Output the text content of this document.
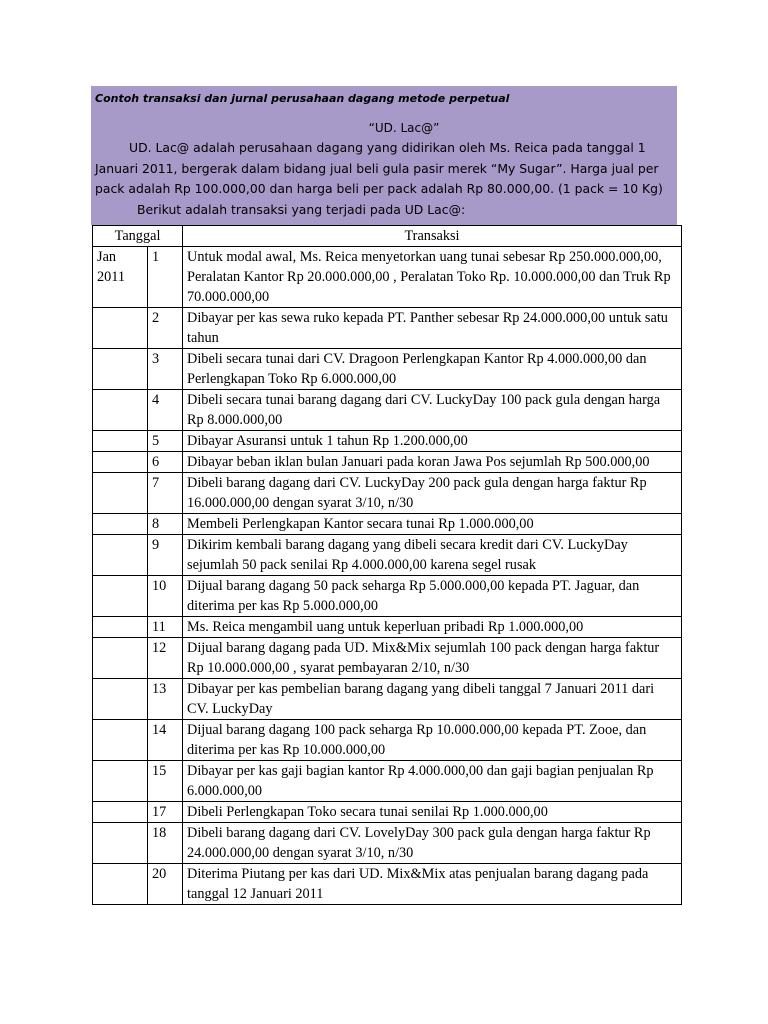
Contoh transaksi dan jurnal perusahaan dagang metode perpetual

“UD. Lac@”

UD. Lac@ adalah perusahaan dagang yang didirikan oleh Ms. Reica pada tanggal 1 Januari 2011, bergerak dalam bidang jual beli gula pasir merek “My Sugar”. Harga jual per pack adalah Rp 100.000,00 dan harga beli per pack adalah Rp 80.000,00. (1 pack = 10 Kg)

Berikut adalah transaksi yang terjadi pada UD Lac@:

Tanggal		Transaksi
Jan 2011	1	Untuk modal awal, Ms. Reica menyetorkan uang tunai sebesar Rp 250.000.000,00, Peralatan Kantor Rp 20.000.000,00 , Peralatan Toko Rp. 10.000.000,00 dan Truk Rp 70.000.000,00
	2	Dibayar per kas sewa ruko kepada PT. Panther sebesar Rp 24.000.000,00 untuk satu tahun
	3	Dibeli secara tunai dari CV. Dragoon Perlengkapan Kantor Rp 4.000.000,00 dan Perlengkapan Toko Rp 6.000.000,00
	4	Dibeli secara tunai barang dagang dari CV. LuckyDay 100 pack gula dengan harga Rp 8.000.000,00
	5	Dibayar Asuransi untuk 1 tahun Rp 1.200.000,00
	6	Dibayar beban iklan bulan Januari pada koran Jawa Pos sejumlah Rp 500.000,00
	7	Dibeli barang dagang dari CV. LuckyDay 200 pack gula dengan harga faktur Rp 16.000.000,00 dengan syarat 3/10, n/30
	8	Membeli Perlengkapan Kantor secara tunai Rp 1.000.000,00
	9	Dikirim kembali barang dagang yang dibeli secara kredit dari CV. LuckyDay sejumlah 50 pack senilai Rp 4.000.000,00 karena segel rusak
	10	Dijual barang dagang 50 pack seharga Rp 5.000.000,00 kepada PT. Jaguar, dan diterima per kas Rp 5.000.000,00
	11	Ms. Reica mengambil uang untuk keperluan pribadi Rp 1.000.000,00
	12	Dijual barang dagang pada UD. Mix&Mix sejumlah 100 pack dengan harga faktur Rp 10.000.000,00 , syarat pembayaran 2/10, n/30
	13	Dibayar per kas pembelian barang dagang yang dibeli tanggal 7 Januari 2011 dari CV. LuckyDay
	14	Dijual barang dagang 100 pack seharga Rp 10.000.000,00 kepada PT. Zooe, dan diterima per kas Rp 10.000.000,00
	15	Dibayar per kas gaji bagian kantor Rp 4.000.000,00 dan gaji bagian penjualan Rp 6.000.000,00
	17	Dibeli Perlengkapan Toko secara tunai senilai Rp 1.000.000,00
	18	Dibeli barang dagang dari CV. LovelyDay 300 pack gula dengan harga faktur Rp 24.000.000,00 dengan syarat 3/10, n/30
	20	Diterima Piutang per kas dari UD. Mix&Mix atas penjualan barang dagang pada tanggal 12 Januari 2011
